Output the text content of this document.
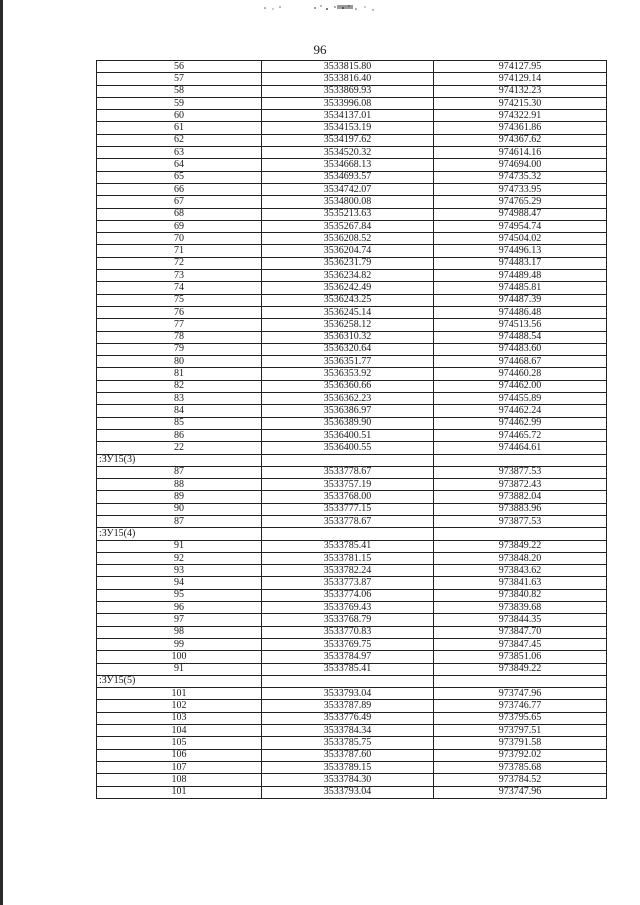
96
56	3533815.80	974127.95
57	3533816.40	974129.14
58	3533869.93	974132.23
59	3533996.08	974215.30
60	3534137.01	974322.91
61	3534153.19	974361.86
62	3534197.62	974367.62
63	3534520.32	974614.16
64	3534668.13	974694.00
65	3534693.57	974735.32
66	3534742.07	974733.95
67	3534800.08	974765.29
68	3535213.63	974988.47
69	3535267.84	974954.74
70	3536208.52	974504.02
71	3536204.74	974496.13
72	3536231.79	974483.17
73	3536234.82	974489.48
74	3536242.49	974485.81
75	3536243.25	974487.39
76	3536245.14	974486.48
77	3536258.12	974513.56
78	3536310.32	974488.54
79	3536320.64	974483.60
80	3536351.77	974468.67
81	3536353.92	974460.28
82	3536360.66	974462.00
83	3536362.23	974455.89
84	3536386.97	974462.24
85	3536389.90	974462.99
86	3536400.51	974465.72
22	3536400.55	974464.61
:ЗУ15(3)		
87	3533778.67	973877.53
88	3533757.19	973872.43
89	3533768.00	973882.04
90	3533777.15	973883.96
87	3533778.67	973877.53
:ЗУ15(4)		
91	3533785.41	973849.22
92	3533781.15	973848.20
93	3533782.24	973843.62
94	3533773.87	973841.63
95	3533774.06	973840.82
96	3533769.43	973839.68
97	3533768.79	973844.35
98	3533770.83	973847.70
99	3533769.75	973847.45
100	3533784.97	973851.06
91	3533785.41	973849.22
:ЗУ15(5)		
101	3533793.04	973747.96
102	3533787.89	973746.77
103	3533776.49	973795.65
104	3533784.34	973797.51
105	3533785.75	973791.58
106	3533787.60	973792.02
107	3533789.15	973785.68
108	3533784.30	973784.52
101	3533793.04	973747.96
